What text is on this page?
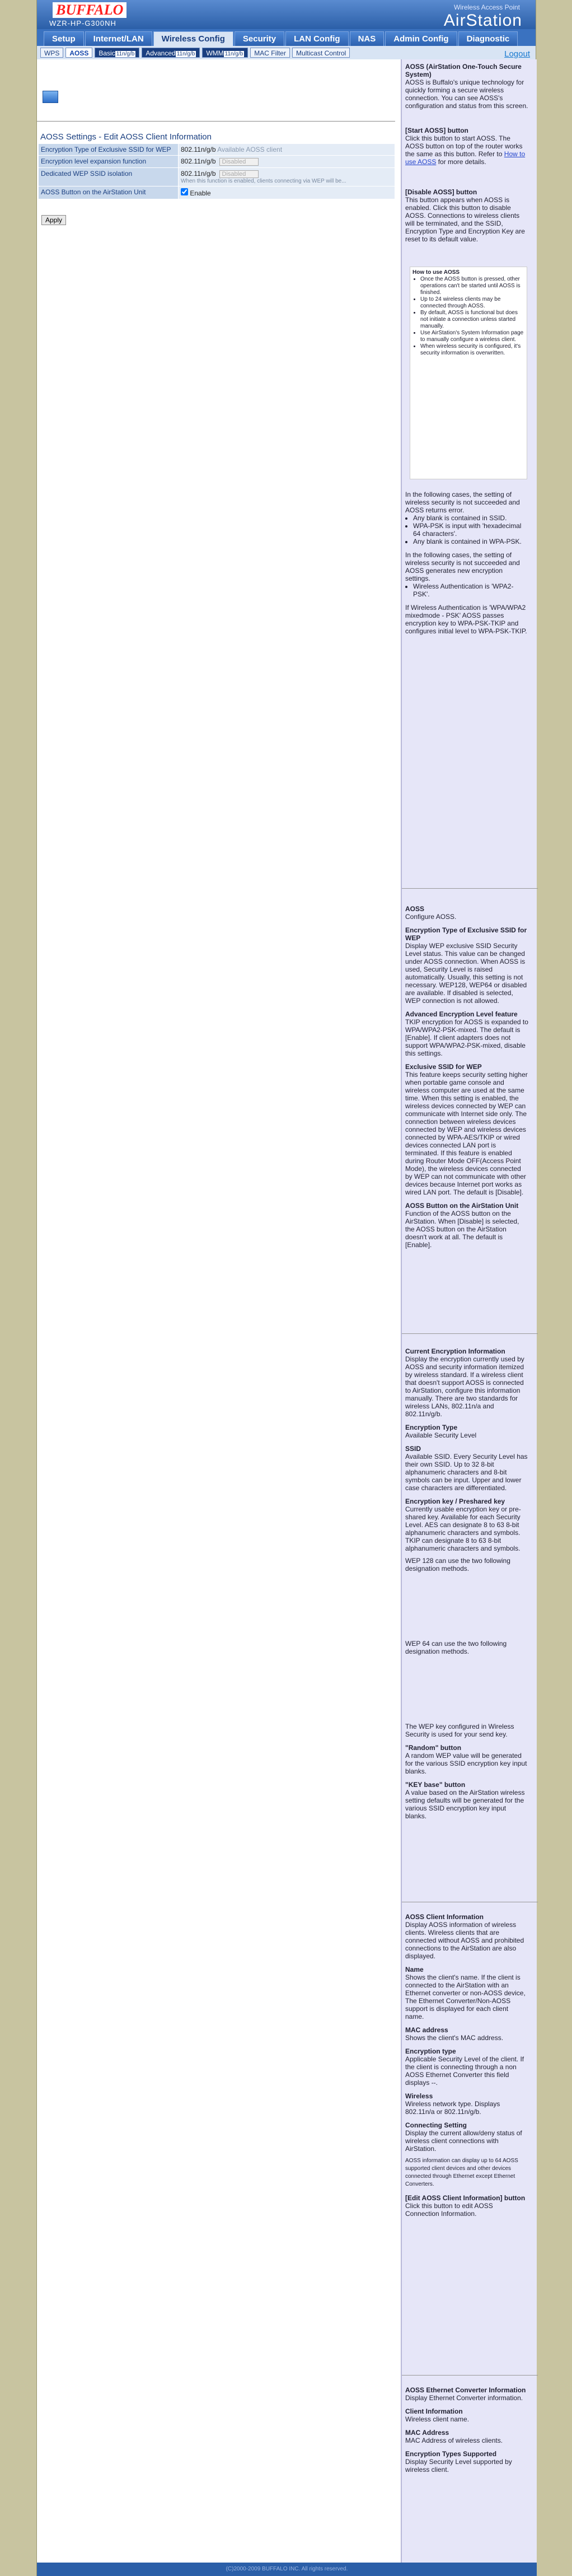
BUFFALO
WZR-HP-G300NH
Wireless Access Point
AirStation
Setup	Internet/LAN	Wireless Config	Security	LAN Config	NAS	Admin Config	Diagnostic
WPS	AOSS	Basic 11n/g/b	Advanced 11n/g/b	WMM 11n/g/b	MAC Filter	Multicast Control	Logout
AOSS Settings - Edit AOSS Client Information
Encryption Type of Exclusive SSID for WEP	802.11n/g/b Available AOSS client
Encryption level expansion function	802.11n/g/b Disabled
Dedicated WEP SSID isolation	802.11n/g/b Disabled
When this function is enabled, clients connecting via WEP will be...

AOSS Button on the AirStation Unit	Enable
Apply

AOSS (AirStation One-Touch Secure System)

AOSS is Buffalo's unique technology for quickly forming a secure wireless connection. You can see AOSS's configuration and status from this screen.

[Start AOSS] button

Click this button to start AOSS. The AOSS button on top of the router works the same as this button. Refer to How to use AOSS for more details.

[Disable AOSS] button

This button appears when AOSS is enabled. Click this button to disable AOSS. Connections to wireless clients will be terminated, and the SSID, Encryption Type and Encryption Key are reset to its default value.

How to use AOSS

• Once the AOSS button is pressed, other operations can't be started until AOSS is finished.
• Up to 24 wireless clients may be connected through AOSS.
• By default, AOSS is functional but does not initiate a connection unless started manually.
• Use AirStation's System Information page to manually configure a wireless client.
• When wireless security is configured, it's security information is overwritten.

In the following cases, the setting of wireless security is not succeeded and AOSS returns error.

• Any blank is contained in SSID.
• WPA-PSK is input with 'hexadecimal 64 characters'.
• Any blank is contained in WPA-PSK.

In the following cases, the setting of wireless security is not succeeded and AOSS generates new encryption settings.

• Wireless Authentication is 'WPA2-PSK'.

If Wireless Authentication is 'WPA/WPA2 mixedmode - PSK' AOSS passes encryption key to WPA-PSK-TKIP and configures initial level to WPA-PSK-TKIP.

AOSS

Configure AOSS.

Encryption Type of Exclusive SSID for WEP

Display WEP exclusive SSID Security Level status. This value can be changed under AOSS connection. When AOSS is used, Security Level is raised automatically. Usually, this setting is not necessary. WEP128, WEP64 or disabled are available. If disabled is selected, WEP connection is not allowed.

Advanced Encryption Level feature

TKIP encryption for AOSS is expanded to WPA/WPA2-PSK-mixed. The default is [Enable]. If client adapters does not support WPA/WPA2-PSK-mixed, disable this settings.

Exclusive SSID for WEP

This feature keeps security setting higher when portable game console and wireless computer are used at the same time. When this setting is enabled, the wireless devices connected by WEP can communicate with Internet side only. The connection between wireless devices connected by WEP and wireless devices connected by WPA-AES/TKIP or wired devices connected LAN port is terminated. If this feature is enabled during Router Mode OFF(Access Point Mode), the wireless devices connected by WEP can not communicate with other devices because Internet port works as wired LAN port. The default is [Disable].

AOSS Button on the AirStation Unit

Function of the AOSS button on the AirStation. When [Disable] is selected, the AOSS button on the AirStation doesn't work at all. The default is [Enable].

Current Encryption Information

Display the encryption currently used by AOSS and security information itemized by wireless standard. If a wireless client that doesn't support AOSS is connected to AirStation, configure this information manually. There are two standards for wireless LANs, 802.11n/a and 802.11n/g/b.

Encryption Type

Available Security Level

SSID

Available SSID. Every Security Level has their own SSID. Up to 32 8-bit alphanumeric characters and 8-bit symbols can be input. Upper and lower case characters are differentiated.

Encryption key / Preshared key

Currently usable encryption key or pre-shared key. Available for each Security Level. AES can designate 8 to 63 8-bit alphanumeric characters and symbols. TKIP can designate 8 to 63 8-bit alphanumeric characters and symbols.

WEP 128 can use the two following designation methods.

WEP 64 can use the two following designation methods.

The WEP key configured in Wireless Security is used for your send key.

"Random" button

A random WEP value will be generated for the various SSID encryption key input blanks.

"KEY base" button

A value based on the AirStation wireless setting defaults will be generated for the various SSID encryption key input blanks.

AOSS Client Information

Display AOSS information of wireless clients. Wireless clients that are connected without AOSS and prohibited connections to the AirStation are also displayed.

Name

Shows the client's name. If the client is connected to the AirStation with an Ethernet converter or non-AOSS device, The Ethernet Converter/Non-AOSS support is displayed for each client name.

MAC address

Shows the client's MAC address.

Encryption type

Applicable Security Level of the client. If the client is connecting through a non AOSS Ethernet Converter this field displays --.

Wireless

Wireless network type. Displays 802.11n/a or 802.11n/g/b.

Connecting Setting

Display the current allow/deny status of wireless client connections with AirStation.

AOSS information can display up to 64 AOSS supported client devices and other devices connected through Ethernet except Ethernet Converters.

[Edit AOSS Client Information] button

Click this button to edit AOSS Connection Information.

AOSS Ethernet Converter Information

Display Ethernet Converter information.

Client Information

Wireless client name.

MAC Address

MAC Address of wireless clients.

Encryption Types Supported

Display Security Level supported by wireless client.

(C)2000-2009 BUFFALO INC. All rights reserved.
